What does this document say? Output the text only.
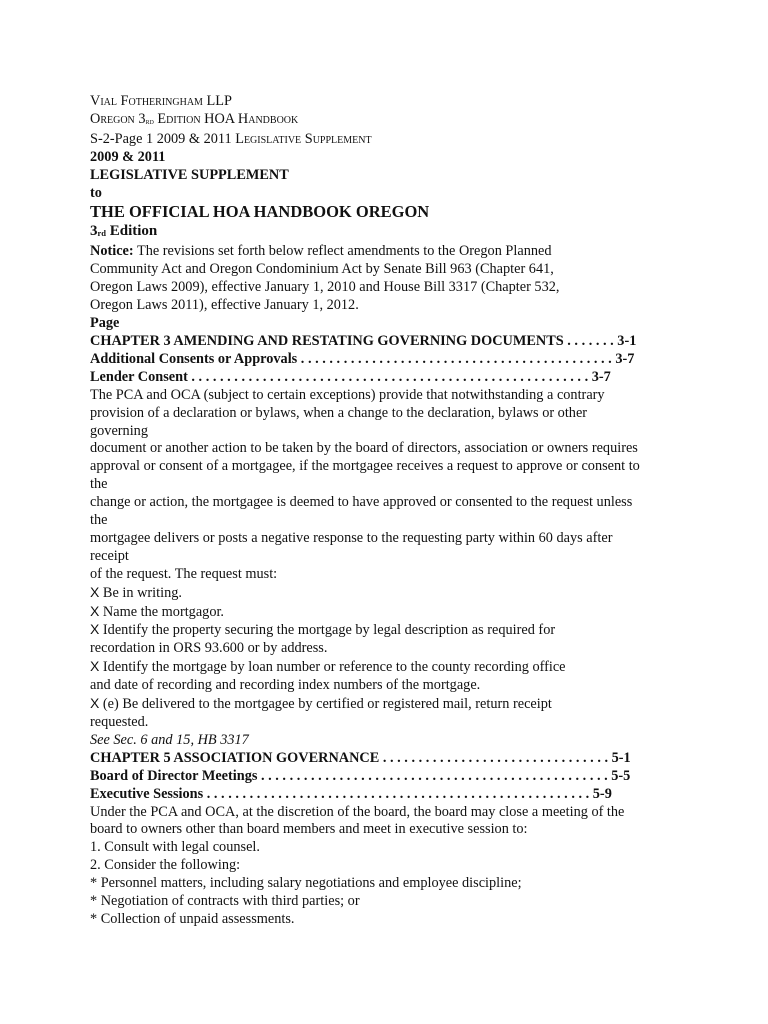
Vial Fotheringham LLP
Oregon 3rd Edition HOA Handbook
S-2-Page 1 2009 & 2011 Legislative Supplement
2009 & 2011
LEGISLATIVE SUPPLEMENT
to
THE OFFICIAL HOA HANDBOOK OREGON
3rd Edition
Notice: The revisions set forth below reflect amendments to the Oregon Planned
Community Act and Oregon Condominium Act by Senate Bill 963 (Chapter 641,
Oregon Laws 2009), effective January 1, 2010 and House Bill 3317 (Chapter 532,
Oregon Laws 2011), effective January 1, 2012.
Page
CHAPTER 3 AMENDING AND RESTATING GOVERNING DOCUMENTS . . . . . . . 3-1
Additional Consents or Approvals . . . . . . . . . . . . . . . . . . . . . . . . . . . . . . . . . . . . . . . . . . . . 3-7
Lender Consent . . . . . . . . . . . . . . . . . . . . . . . . . . . . . . . . . . . . . . . . . . . . . . . . . . . . . . . . 3-7
The PCA and OCA (subject to certain exceptions) provide that notwithstanding a contrary
provision of a declaration or bylaws, when a change to the declaration, bylaws or other
governing
document or another action to be taken by the board of directors, association or owners requires
approval or consent of a mortgagee, if the mortgagee receives a request to approve or consent to
the
change or action, the mortgagee is deemed to have approved or consented to the request unless
the
mortgagee delivers or posts a negative response to the requesting party within 60 days after
receipt
of the request. The request must:
X Be in writing.
X Name the mortgagor.
X Identify the property securing the mortgage by legal description as required for
recordation in ORS 93.600 or by address.
X Identify the mortgage by loan number or reference to the county recording office
and date of recording and recording index numbers of the mortgage.
X (e) Be delivered to the mortgagee by certified or registered mail, return receipt
requested.
See Sec. 6 and 15, HB 3317
CHAPTER 5 ASSOCIATION GOVERNANCE . . . . . . . . . . . . . . . . . . . . . . . . . . . . . . . . 5-1
Board of Director Meetings . . . . . . . . . . . . . . . . . . . . . . . . . . . . . . . . . . . . . . . . . . . . . . . . . 5-5
Executive Sessions . . . . . . . . . . . . . . . . . . . . . . . . . . . . . . . . . . . . . . . . . . . . . . . . . . . . . . 5-9
Under the PCA and OCA, at the discretion of the board, the board may close a meeting of the
board to owners other than board members and meet in executive session to:
1. Consult with legal counsel.
2. Consider the following:
* Personnel matters, including salary negotiations and employee discipline;
* Negotiation of contracts with third parties; or
* Collection of unpaid assessments.
